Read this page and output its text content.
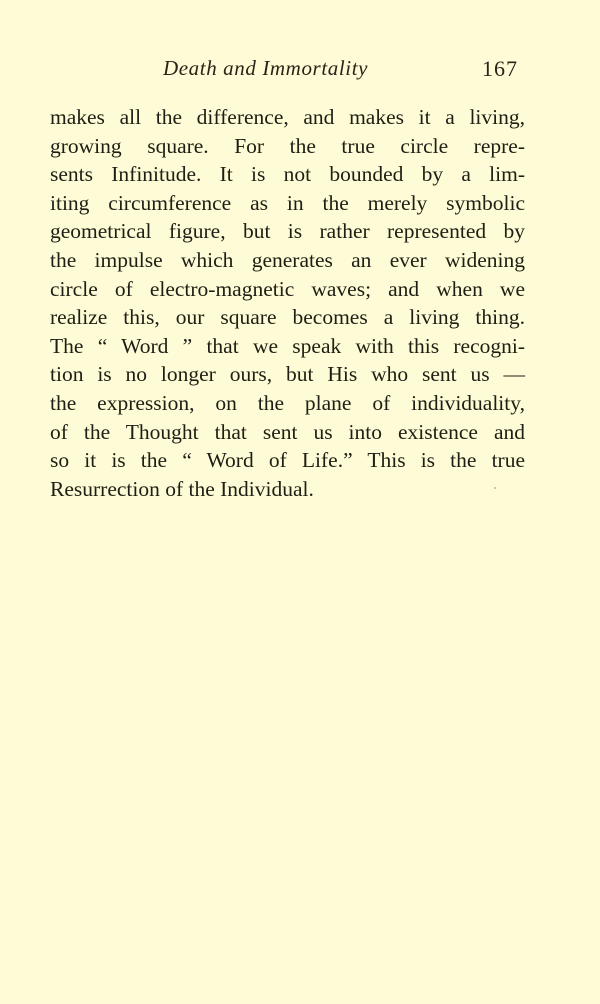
Death and Immortality	167
makes all the difference, and makes it a living,
growing square. For the true circle repre-
sents Infinitude. It is not bounded by a lim-
iting circumference as in the merely symbolic
geometrical figure, but is rather represented by
the impulse which generates an ever widening
circle of electro-magnetic waves; and when we
realize this, our square becomes a living thing.
The “ Word ” that we speak with this recogni-
tion is no longer ours, but His who sent us —
the expression, on the plane of individuality,
of the Thought that sent us into existence and
so it is the “ Word of Life.” This is the true
Resurrection of the Individual.
